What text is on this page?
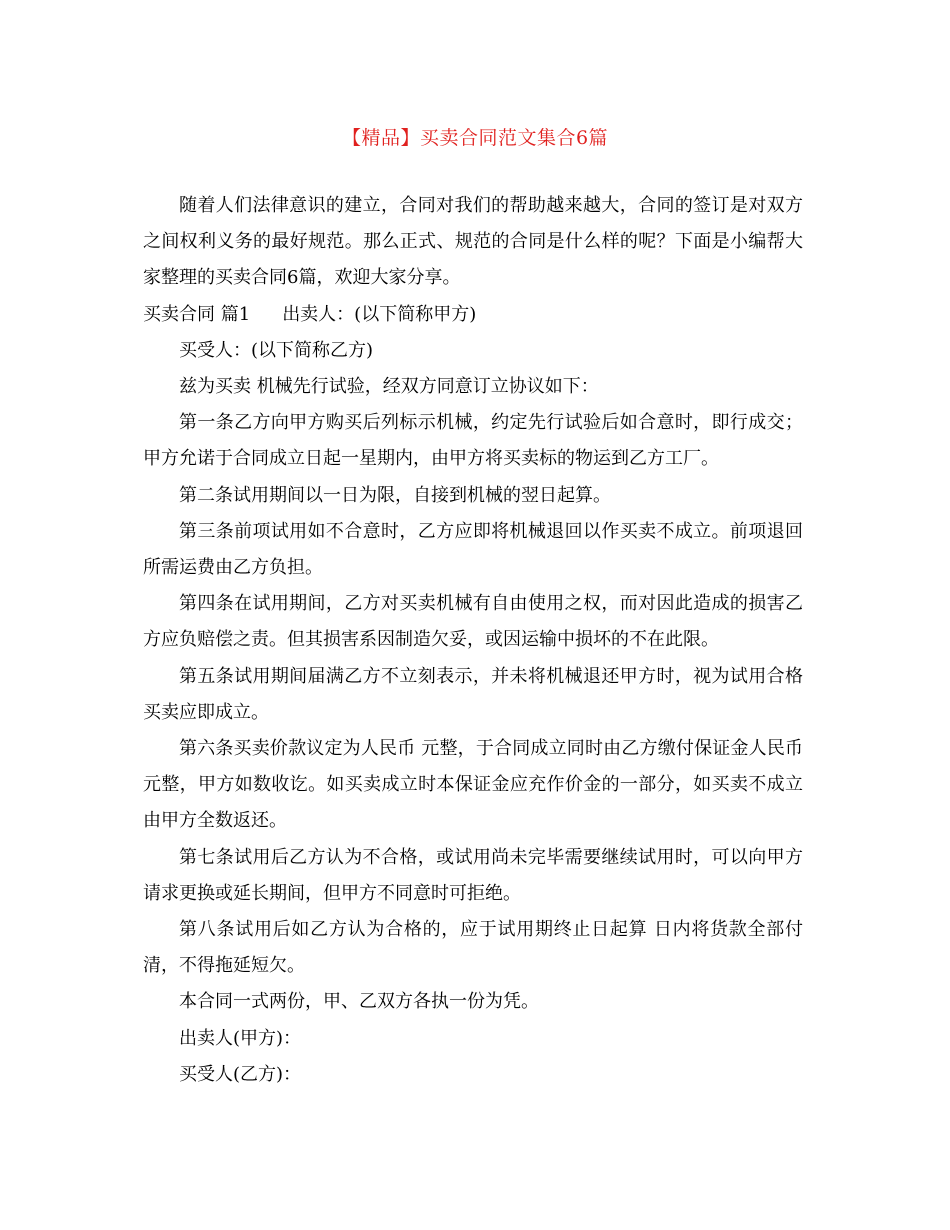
【精品】买卖合同范文集合6篇

随着人们法律意识的建立，合同对我们的帮助越来越大，合同的签订是对双方之间权利义务的最好规范。那么正式、规范的合同是什么样的呢？下面是小编帮大家整理的买卖合同6篇，欢迎大家分享。

买卖合同 篇1 出卖人：(以下简称甲方)

买受人：(以下简称乙方)

兹为买卖 机械先行试验，经双方同意订立协议如下：

第一条乙方向甲方购买后列标示机械，约定先行试验后如合意时，即行成交；甲方允诺于合同成立日起一星期内，由甲方将买卖标的物运到乙方工厂。

第二条试用期间以一日为限，自接到机械的翌日起算。

第三条前项试用如不合意时，乙方应即将机械退回以作买卖不成立。前项退回所需运费由乙方负担。

第四条在试用期间，乙方对买卖机械有自由使用之权，而对因此造成的损害乙方应负赔偿之责。但其损害系因制造欠妥，或因运输中损坏的不在此限。

第五条试用期间届满乙方不立刻表示，并未将机械退还甲方时，视为试用合格买卖应即成立。

第六条买卖价款议定为人民币 元整，于合同成立同时由乙方缴付保证金人民币元整，甲方如数收讫。如买卖成立时本保证金应充作价金的一部分，如买卖不成立由甲方全数返还。

第七条试用后乙方认为不合格，或试用尚未完毕需要继续试用时，可以向甲方请求更换或延长期间，但甲方不同意时可拒绝。

第八条试用后如乙方认为合格的，应于试用期终止日起算 日内将货款全部付清，不得拖延短欠。

本合同一式两份，甲、乙双方各执一份为凭。

出卖人(甲方)：

买受人(乙方)：
